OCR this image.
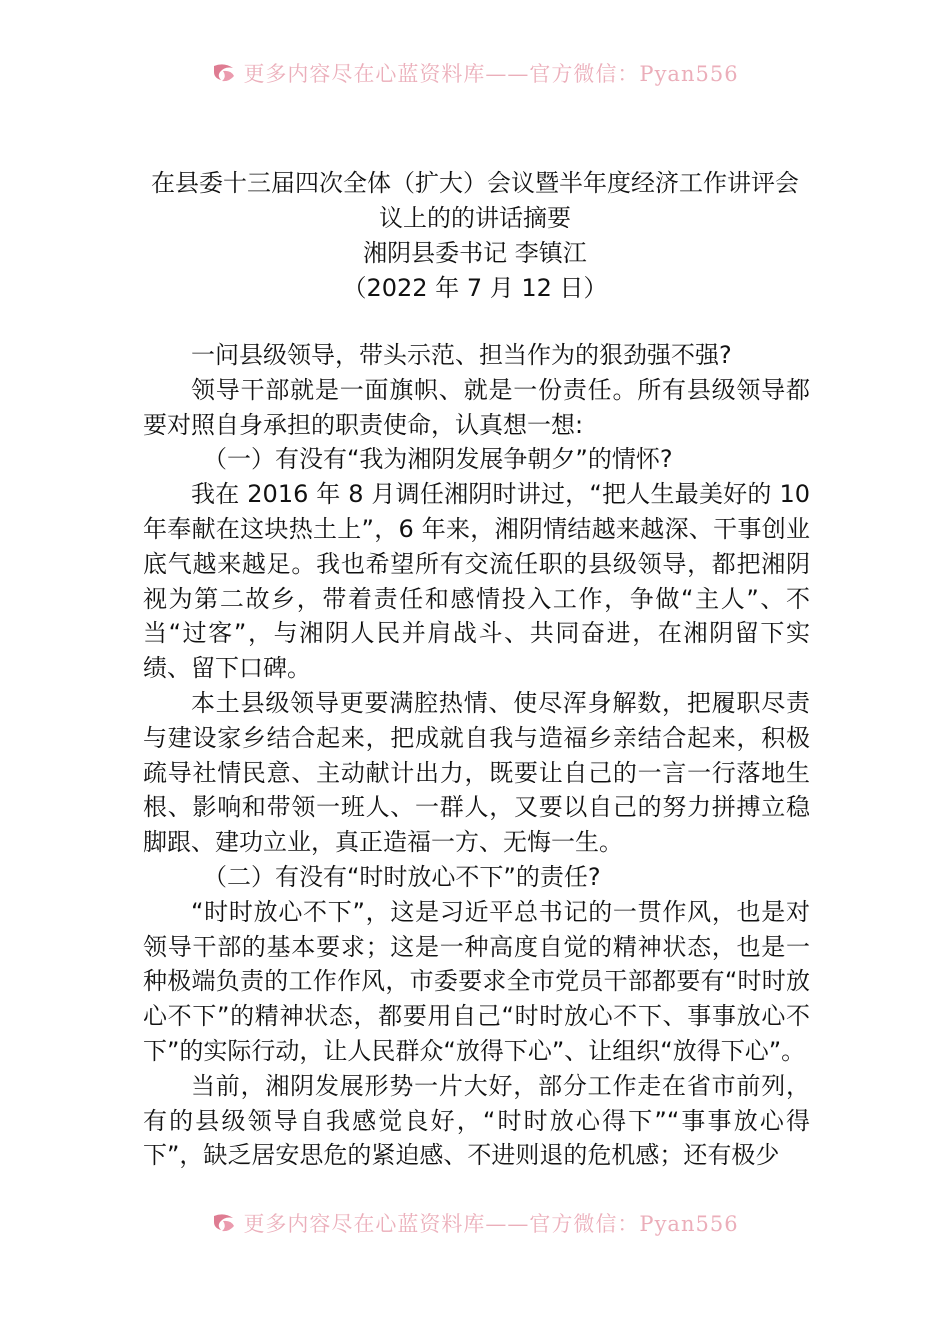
更多内容尽在心蓝资料库——官方微信：Pyan556
在县委十三届四次全体（扩大）会议暨半年度经济工作讲评会
议上的的讲话摘要
湘阴县委书记 李镇江
（2022 年 7 月 12 日）

一问县级领导，带头示范、担当作为的狠劲强不强?

领导干部就是一面旗帜、就是一份责任。所有县级领导都要对照自身承担的职责使命，认真想一想:

（一）有没有“我为湘阴发展争朝夕”的情怀?

我在 2016 年 8 月调任湘阴时讲过，“把人生最美好的 10 年奉献在这块热土上”，6 年来，湘阴情结越来越深、干事创业底气越来越足。我也希望所有交流任职的县级领导，都把湘阴视为第二故乡，带着责任和感情投入工作，争做“主人”、不当“过客”，与湘阴人民并肩战斗、共同奋进，在湘阴留下实绩、留下口碑。

本土县级领导更要满腔热情、使尽浑身解数，把履职尽责与建设家乡结合起来，把成就自我与造福乡亲结合起来，积极疏导社情民意、主动献计出力，既要让自己的一言一行落地生根、影响和带领一班人、一群人，又要以自己的努力拼搏立稳脚跟、建功立业，真正造福一方、无悔一生。

（二）有没有“时时放心不下”的责任?

“时时放心不下”，这是习近平总书记的一贯作风，也是对领导干部的基本要求；这是一种高度自觉的精神状态，也是一种极端负责的工作作风，市委要求全市党员干部都要有“时时放心不下”的精神状态，都要用自己“时时放心不下、事事放心不下”的实际行动，让人民群众“放得下心”、让组织“放得下心”。

当前，湘阴发展形势一片大好，部分工作走在省市前列，有的县级领导自我感觉良好，“时时放心得下”“事事放心得下”，缺乏居安思危的紧迫感、不进则退的危机感；还有极少

更多内容尽在心蓝资料库——官方微信：Pyan556
